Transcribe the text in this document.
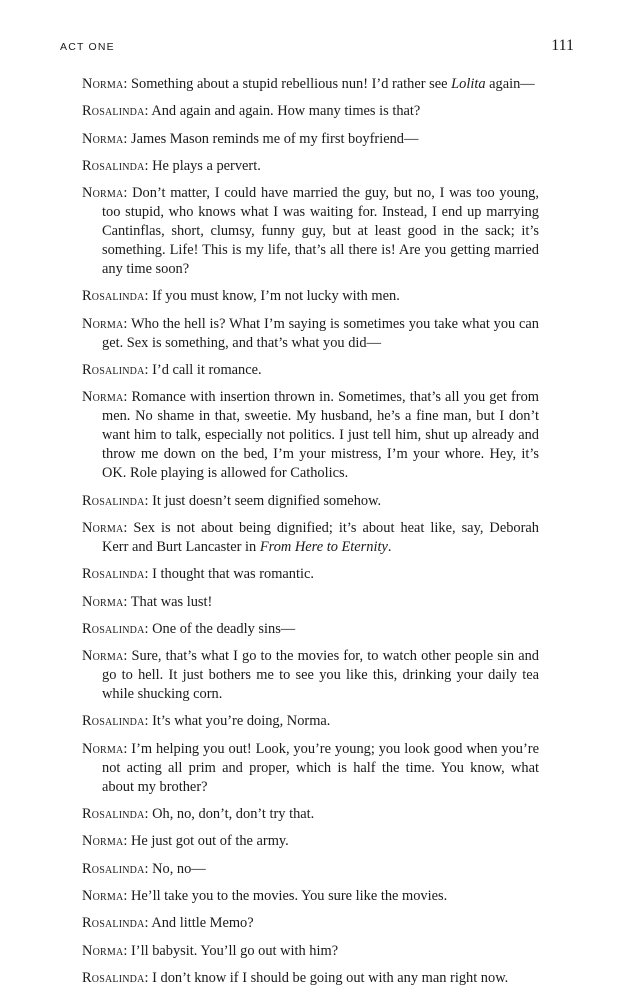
ACT ONE	111

Norma: Something about a stupid rebellious nun! I’d rather see Lolita again—

Rosalinda: And again and again. How many times is that?

Norma: James Mason reminds me of my first boyfriend—

Rosalinda: He plays a pervert.

Norma: Don’t matter, I could have married the guy, but no, I was too young, too stupid, who knows what I was waiting for. Instead, I end up marrying Cantinflas, short, clumsy, funny guy, but at least good in the sack; it’s something. Life! This is my life, that’s all there is! Are you getting married any time soon?

Rosalinda: If you must know, I’m not lucky with men.

Norma: Who the hell is? What I’m saying is sometimes you take what you can get. Sex is something, and that’s what you did—

Rosalinda: I’d call it romance.

Norma: Romance with insertion thrown in. Sometimes, that’s all you get from men. No shame in that, sweetie. My husband, he’s a fine man, but I don’t want him to talk, especially not politics. I just tell him, shut up already and throw me down on the bed, I’m your mistress, I’m your whore. Hey, it’s OK. Role playing is allowed for Catholics.

Rosalinda: It just doesn’t seem dignified somehow.

Norma: Sex is not about being dignified; it’s about heat like, say, Deborah Kerr and Burt Lancaster in From Here to Eternity.

Rosalinda: I thought that was romantic.

Norma: That was lust!

Rosalinda: One of the deadly sins—

Norma: Sure, that’s what I go to the movies for, to watch other people sin and go to hell. It just bothers me to see you like this, drinking your daily tea while shucking corn.

Rosalinda: It’s what you’re doing, Norma.

Norma: I’m helping you out! Look, you’re young; you look good when you’re not acting all prim and proper, which is half the time. You know, what about my brother?

Rosalinda: Oh, no, don’t, don’t try that.

Norma: He just got out of the army.

Rosalinda: No, no—

Norma: He’ll take you to the movies. You sure like the movies.

Rosalinda: And little Memo?

Norma: I’ll babysit. You’ll go out with him?

Rosalinda: I don’t know if I should be going out with any man right now.
